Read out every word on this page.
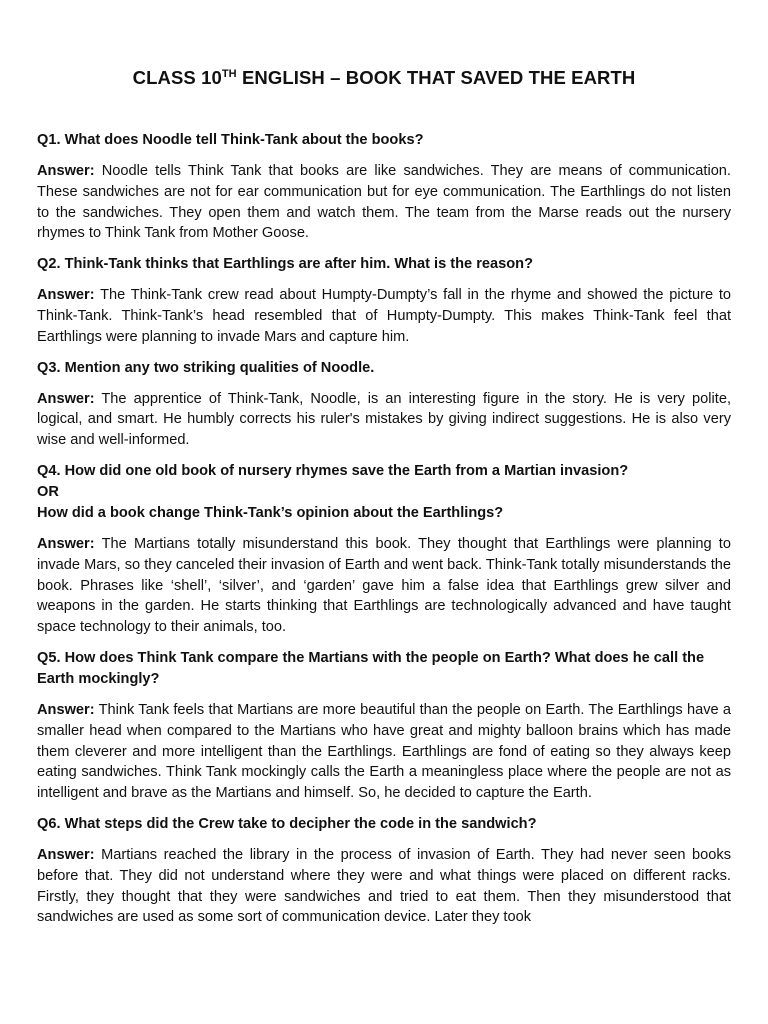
CLASS 10TH ENGLISH – BOOK THAT SAVED THE EARTH

Q1. What does Noodle tell Think-Tank about the books?

Answer: Noodle tells Think Tank that books are like sandwiches. They are means of communication. These sandwiches are not for ear communication but for eye communication. The Earthlings do not listen to the sandwiches. They open them and watch them. The team from the Marse reads out the nursery rhymes to Think Tank from Mother Goose.

Q2. Think-Tank thinks that Earthlings are after him. What is the reason?

Answer: The Think-Tank crew read about Humpty-Dumpty’s fall in the rhyme and showed the picture to Think-Tank. Think-Tank’s head resembled that of Humpty-Dumpty. This makes Think-Tank feel that Earthlings were planning to invade Mars and capture him.

Q3. Mention any two striking qualities of Noodle.

Answer: The apprentice of Think-Tank, Noodle, is an interesting figure in the story. He is very polite, logical, and smart. He humbly corrects his ruler's mistakes by giving indirect suggestions. He is also very wise and well-informed.

Q4. How did one old book of nursery rhymes save the Earth from a Martian invasion?

OR

How did a book change Think-Tank’s opinion about the Earthlings?

Answer: The Martians totally misunderstand this book. They thought that Earthlings were planning to invade Mars, so they canceled their invasion of Earth and went back. Think-Tank totally misunderstands the book. Phrases like ‘shell’, ‘silver’, and ‘garden’ gave him a false idea that Earthlings grew silver and weapons in the garden. He starts thinking that Earthlings are technologically advanced and have taught space technology to their animals, too.

Q5. How does Think Tank compare the Martians with the people on Earth? What does he call the Earth mockingly?

Answer: Think Tank feels that Martians are more beautiful than the people on Earth. The Earthlings have a smaller head when compared to the Martians who have great and mighty balloon brains which has made them cleverer and more intelligent than the Earthlings. Earthlings are fond of eating so they always keep eating sandwiches. Think Tank mockingly calls the Earth a meaningless place where the people are not as intelligent and brave as the Martians and himself. So, he decided to capture the Earth.

Q6. What steps did the Crew take to decipher the code in the sandwich?

Answer: Martians reached the library in the process of invasion of Earth. They had never seen books before that. They did not understand where they were and what things were placed on different racks. Firstly, they thought that they were sandwiches and tried to eat them. Then they misunderstood that sandwiches are used as some sort of communication device. Later they took
